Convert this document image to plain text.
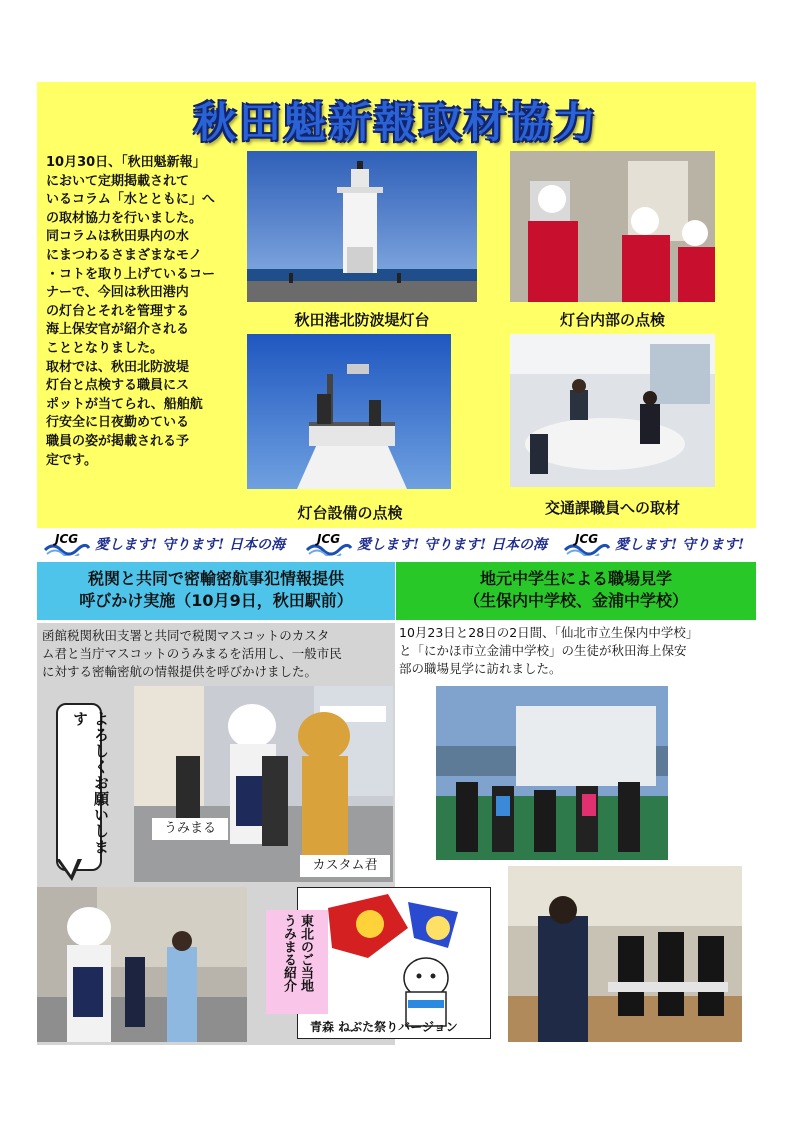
秋田魁新報取材協力
10月30日、「秋田魁新報」
において定期掲載されて
いるコラム「水とともに」へ
の取材協力を行いました。
同コラムは秋田県内の水
にまつわるさまざまなモノ
・コトを取り上げているコー
ナーで、今回は秋田港内
の灯台とそれを管理する
海上保安官が紹介される
こととなりました。
取材では、秋田北防波堤
灯台と点検する職員にス
ポットが当てられ、船舶航
行安全に日夜勤めている
職員の姿が掲載される予
定です。
秋田港北防波堤灯台	灯台内部の点検
灯台設備の点検	交通課職員への取材
JCG 愛します! 守ります! 日本の海	JCG 愛します! 守ります! 日本の海 JCG 愛します! 守ります!
税関と共同で密輸密航事犯情報提供
呼びかけ実施（10月9日，秋田駅前）
地元中学生による職場見学
（生保内中学校、金浦中学校）
函館税関秋田支署と共同で税関マスコットのカスタ
ム君と当庁マスコットのうみまるを活用し、一般市民
に対する密輸密航の情報提供を呼びかけました。
うみまる
カスタム君
よろしくお願いします
東北のご当地
うみまる紹介
青森 ねぶた祭りバージョン
10月23日と28日の2日間、「仙北市立生保内中学校」
と「にかほ市立金浦中学校」の生徒が秋田海上保安
部の職場見学に訪れました。
